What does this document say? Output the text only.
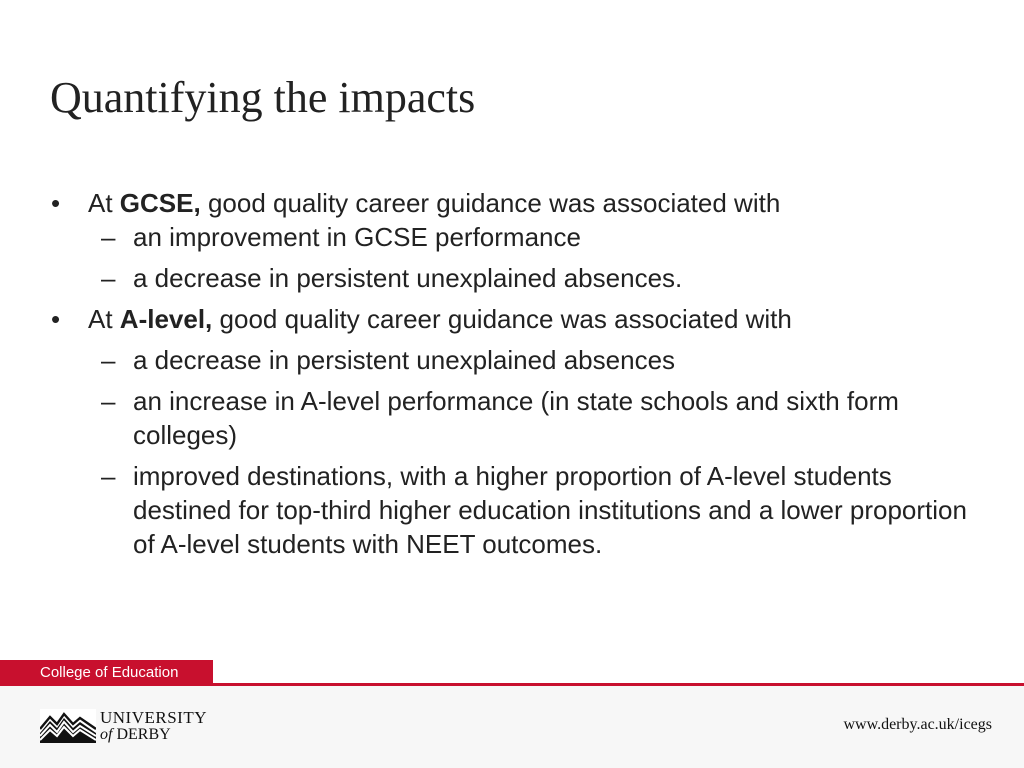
Quantifying the impacts
•	At GCSE, good quality career guidance was associated with
– an improvement in GCSE performance
– a decrease in persistent unexplained absences.
•	At A-level, good quality career guidance was associated with
– a decrease in persistent unexplained absences
– an increase in A-level performance (in state schools and sixth form colleges)
– improved destinations, with a higher proportion of A-level students destined for top-third higher education institutions and a lower proportion of A-level students with NEET outcomes.
College of Education
UNIVERSITY
of DERBY
www.derby.ac.uk/icegs
